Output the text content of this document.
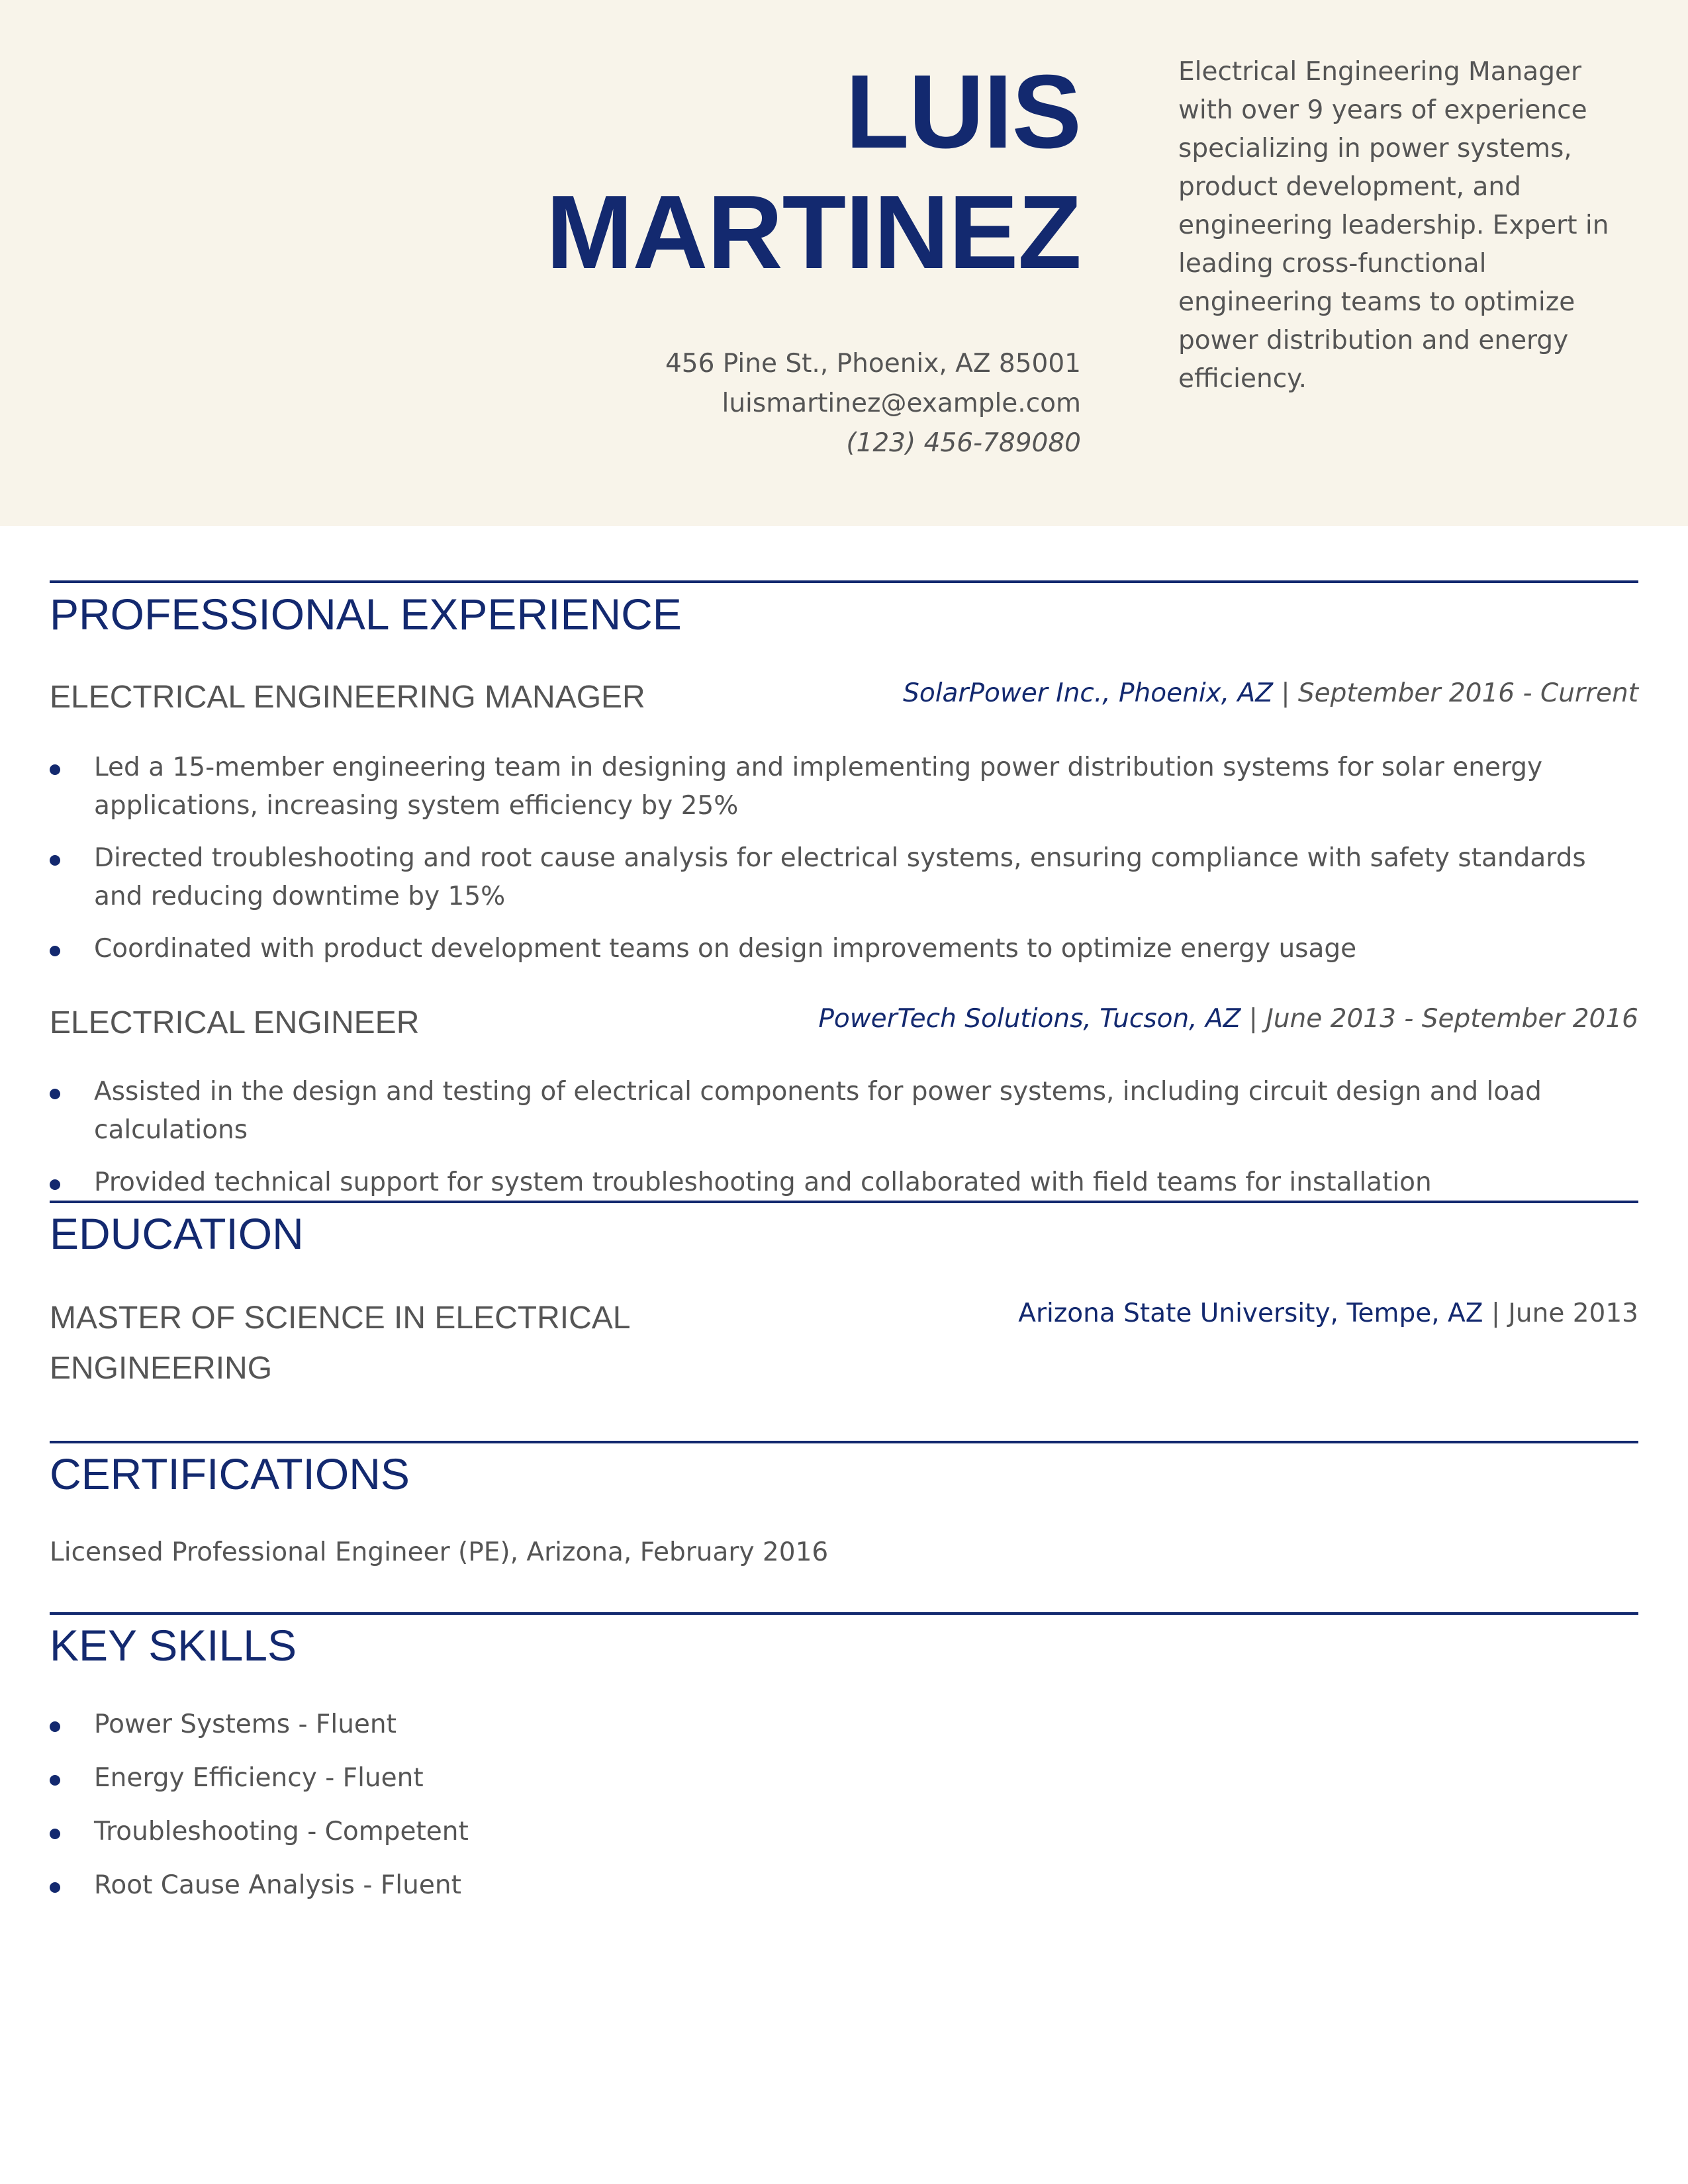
LUIS
MARTINEZ
456 Pine St., Phoenix, AZ 85001
luismartinez@example.com
(123) 456-789080
Electrical Engineering Manager with over 9 years of experience specializing in power systems, product development, and engineering leadership. Expert in leading cross-functional engineering teams to optimize power distribution and energy efficiency.
PROFESSIONAL EXPERIENCE
ELECTRICAL ENGINEERING MANAGER	SolarPower Inc., Phoenix, AZ | September 2016 - Current
Led a 15-member engineering team in designing and implementing power distribution systems for solar energy applications, increasing system efficiency by 25%
Directed troubleshooting and root cause analysis for electrical systems, ensuring compliance with safety standards and reducing downtime by 15%
Coordinated with product development teams on design improvements to optimize energy usage
ELECTRICAL ENGINEER	PowerTech Solutions, Tucson, AZ | June 2013 - September 2016
Assisted in the design and testing of electrical components for power systems, including circuit design and load calculations
Provided technical support for system troubleshooting and collaborated with field teams for installation
EDUCATION
MASTER OF SCIENCE IN ELECTRICAL
ENGINEERING
Arizona State University, Tempe, AZ | June 2013
CERTIFICATIONS
Licensed Professional Engineer (PE), Arizona, February 2016
KEY SKILLS
Power Systems - Fluent
Energy Efficiency - Fluent
Troubleshooting - Competent
Root Cause Analysis - Fluent
